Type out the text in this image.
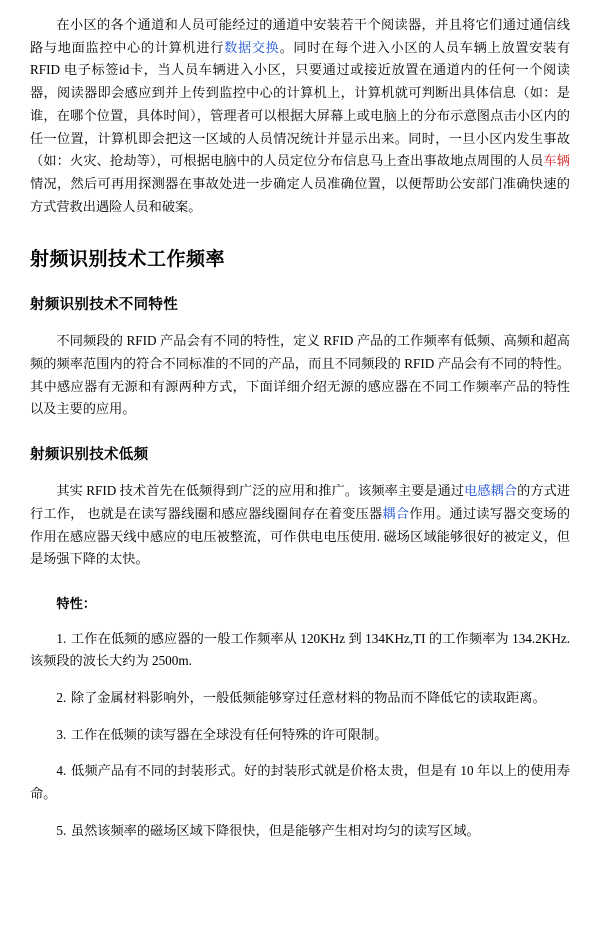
在小区的各个通道和人员可能经过的通道中安装若干个阅读器，并且将它们通过通信线路与地面监控中心的计算机进行数据交换。同时在每个进入小区的人员车辆上放置安装有 RFID 电子标签id卡，当人员车辆进入小区，只要通过或接近放置在通道内的任何一个阅读器，阅读器即会感应到并上传到监控中心的计算机上，计算机就可判断出具体信息（如：是谁，在哪个位置，具体时间），管理者可以根据大屏幕上或电脑上的分布示意图点击小区内的任一位置，计算机即会把这一区域的人员情况统计并显示出来。同时，一旦小区内发生事故（如：火灾、抢劫等），可根据电脑中的人员定位分布信息马上查出事故地点周围的人员车辆情况，然后可再用探测器在事故处进一步确定人员准确位置，以便帮助公安部门准确快速的方式营救出遇险人员和破案。

射频识别技术工作频率
射频识别技术不同特性

不同频段的 RFID 产品会有不同的特性，定义 RFID 产品的工作频率有低频、高频和超高频的频率范围内的符合不同标准的不同的产品，而且不同频段的 RFID 产品会有不同的特性。其中感应器有无源和有源两种方式，下面详细介绍无源的感应器在不同工作频率产品的特性以及主要的应用。

射频识别技术低频

其实 RFID 技术首先在低频得到广泛的应用和推广。该频率主要是通过电感耦合的方式进行工作， 也就是在读写器线圈和感应器线圈间存在着变压器耦合作用。通过读写器交变场的作用在感应器天线中感应的电压被整流，可作供电电压使用. 磁场区域能够很好的被定义，但是场强下降的太快。

特性：

1. 工作在低频的感应器的一般工作频率从 120KHz 到 134KHz,TI 的工作频率为 134.2KHz. 该频段的波长大约为 2500m.
2. 除了金属材料影响外，一般低频能够穿过任意材料的物品而不降低它的读取距离。
3. 工作在低频的读写器在全球没有任何特殊的许可限制。
4. 低频产品有不同的封装形式。好的封装形式就是价格太贵，但是有 10 年以上的使用寿命。
5. 虽然该频率的磁场区域下降很快，但是能够产生相对均匀的读写区域。
